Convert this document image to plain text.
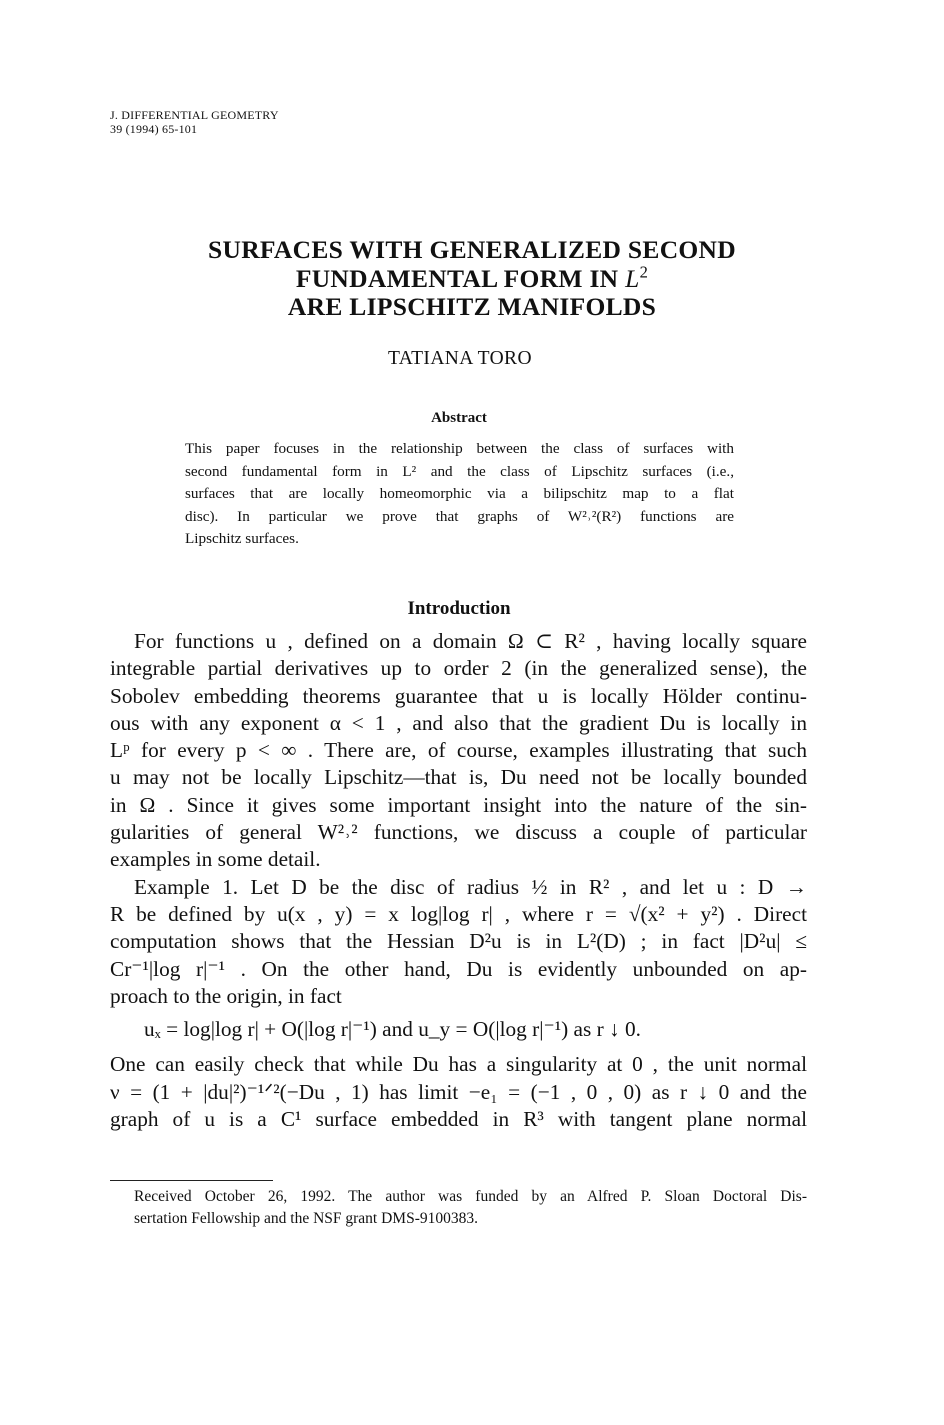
J. DIFFERENTIAL GEOMETRY
39 (1994) 65-101
SURFACES WITH GENERALIZED SECOND
FUNDAMENTAL FORM IN $L^2$
ARE LIPSCHITZ MANIFOLDS
TATIANA TORO
Abstract
This paper focuses in the relationship between the class of surfaces with
second fundamental form in L² and the class of Lipschitz surfaces (i.e.,
surfaces that are locally homeomorphic via a bilipschitz map to a flat
disc). In particular we prove that graphs of W²˒²(R²) functions are
Lipschitz surfaces.
Introduction
For functions u , defined on a domain Ω ⊂ R² , having locally square
integrable partial derivatives up to order 2 (in the generalized sense), the
Sobolev embedding theorems guarantee that u is locally Hölder continu-
ous with any exponent α < 1 , and also that the gradient Du is locally in
Lᵖ for every p < ∞ . There are, of course, examples illustrating that such
u may not be locally Lipschitz—that is, Du need not be locally bounded
in Ω . Since it gives some important insight into the nature of the sin-
gularities of general W²˒² functions, we discuss a couple of particular
examples in some detail.
Example 1. Let D be the disc of radius ½ in R² , and let u : D →
R be defined by u(x , y) = x log|log r| , where r = √(x² + y²) . Direct
computation shows that the Hessian D²u is in L²(D) ; in fact |D²u| ≤
Cr⁻¹|log r|⁻¹ . On the other hand, Du is evidently unbounded on ap-
proach to the origin, in fact
uₓ = log|log r| + O(|log r|⁻¹) and u_y = O(|log r|⁻¹) as r ↓ 0.
One can easily check that while Du has a singularity at 0 , the unit normal
ν = (1 + |du|²)⁻¹ᐟ²(−Du , 1) has limit −e₁ = (−1 , 0 , 0) as r ↓ 0 and the
graph of u is a C¹ surface embedded in R³ with tangent plane normal
Received October 26, 1992. The author was funded by an Alfred P. Sloan Doctoral Dis-
sertation Fellowship and the NSF grant DMS-9100383.
